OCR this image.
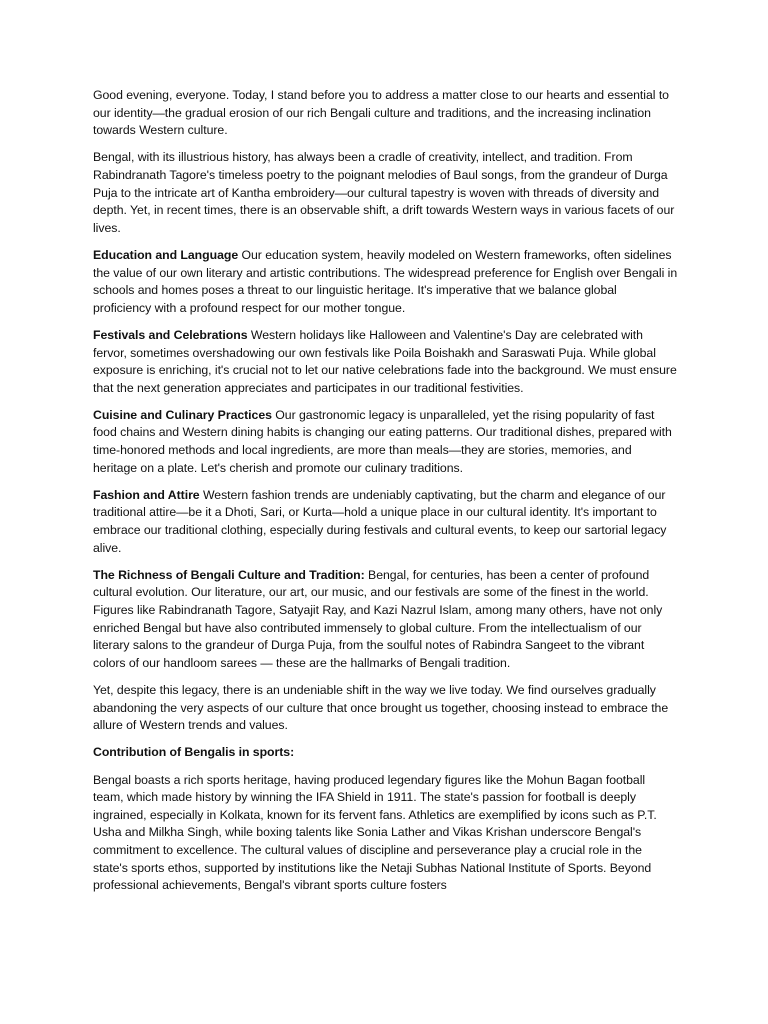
Good evening, everyone. Today, I stand before you to address a matter close to our hearts and essential to our identity—the gradual erosion of our rich Bengali culture and traditions, and the increasing inclination towards Western culture.

Bengal, with its illustrious history, has always been a cradle of creativity, intellect, and tradition. From Rabindranath Tagore's timeless poetry to the poignant melodies of Baul songs, from the grandeur of Durga Puja to the intricate art of Kantha embroidery—our cultural tapestry is woven with threads of diversity and depth. Yet, in recent times, there is an observable shift, a drift towards Western ways in various facets of our lives.

Education and Language Our education system, heavily modeled on Western frameworks, often sidelines the value of our own literary and artistic contributions. The widespread preference for English over Bengali in schools and homes poses a threat to our linguistic heritage. It's imperative that we balance global proficiency with a profound respect for our mother tongue.

Festivals and Celebrations Western holidays like Halloween and Valentine's Day are celebrated with fervor, sometimes overshadowing our own festivals like Poila Boishakh and Saraswati Puja. While global exposure is enriching, it's crucial not to let our native celebrations fade into the background. We must ensure that the next generation appreciates and participates in our traditional festivities.

Cuisine and Culinary Practices Our gastronomic legacy is unparalleled, yet the rising popularity of fast food chains and Western dining habits is changing our eating patterns. Our traditional dishes, prepared with time-honored methods and local ingredients, are more than meals—they are stories, memories, and heritage on a plate. Let's cherish and promote our culinary traditions.

Fashion and Attire Western fashion trends are undeniably captivating, but the charm and elegance of our traditional attire—be it a Dhoti, Sari, or Kurta—hold a unique place in our cultural identity. It's important to embrace our traditional clothing, especially during festivals and cultural events, to keep our sartorial legacy alive.

The Richness of Bengali Culture and Tradition: Bengal, for centuries, has been a center of profound cultural evolution. Our literature, our art, our music, and our festivals are some of the finest in the world. Figures like Rabindranath Tagore, Satyajit Ray, and Kazi Nazrul Islam, among many others, have not only enriched Bengal but have also contributed immensely to global culture. From the intellectualism of our literary salons to the grandeur of Durga Puja, from the soulful notes of Rabindra Sangeet to the vibrant colors of our handloom sarees — these are the hallmarks of Bengali tradition.

Yet, despite this legacy, there is an undeniable shift in the way we live today. We find ourselves gradually abandoning the very aspects of our culture that once brought us together, choosing instead to embrace the allure of Western trends and values.

Contribution of Bengalis in sports:

Bengal boasts a rich sports heritage, having produced legendary figures like the Mohun Bagan football team, which made history by winning the IFA Shield in 1911. The state's passion for football is deeply ingrained, especially in Kolkata, known for its fervent fans. Athletics are exemplified by icons such as P.T. Usha and Milkha Singh, while boxing talents like Sonia Lather and Vikas Krishan underscore Bengal's commitment to excellence. The cultural values of discipline and perseverance play a crucial role in the state's sports ethos, supported by institutions like the Netaji Subhas National Institute of Sports. Beyond professional achievements, Bengal's vibrant sports culture fosters
